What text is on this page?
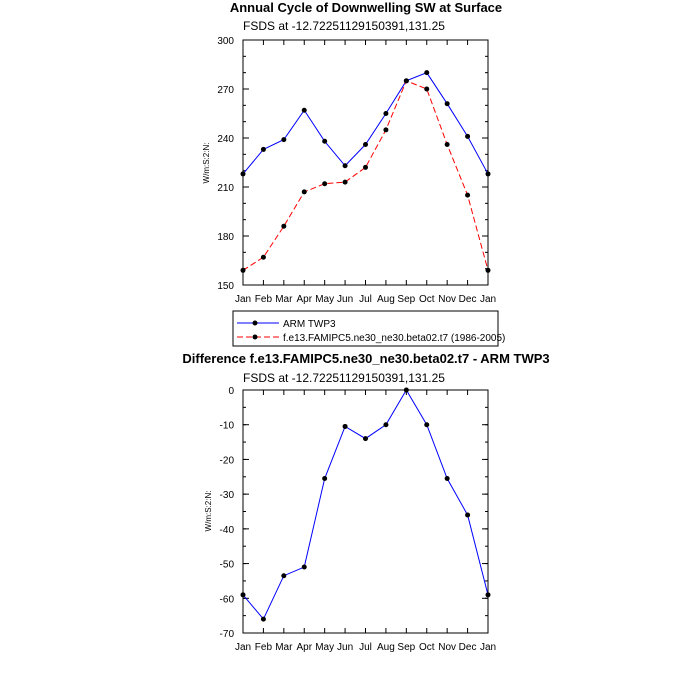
Annual Cycle of Downwelling SW at Surface
FSDS at -12.72251129150391,131.25
W/m:S:2:N:
Jan Feb Mar Apr May Jun Jul Aug Sep Oct Nov Dec Jan
150
180
210
240
270
300
ARM TWP3
f.e13.FAMIPC5.ne30_ne30.beta02.t7 (1986-2005)
Difference f.e13.FAMIPC5.ne30_ne30.beta02.t7 - ARM TWP3
FSDS at -12.72251129150391,131.25
W/m:S:2:N:
Jan Feb Mar Apr May Jun Jul Aug Sep Oct Nov Dec Jan
-70
-60
-50
-40
-30
-20
-10
0
